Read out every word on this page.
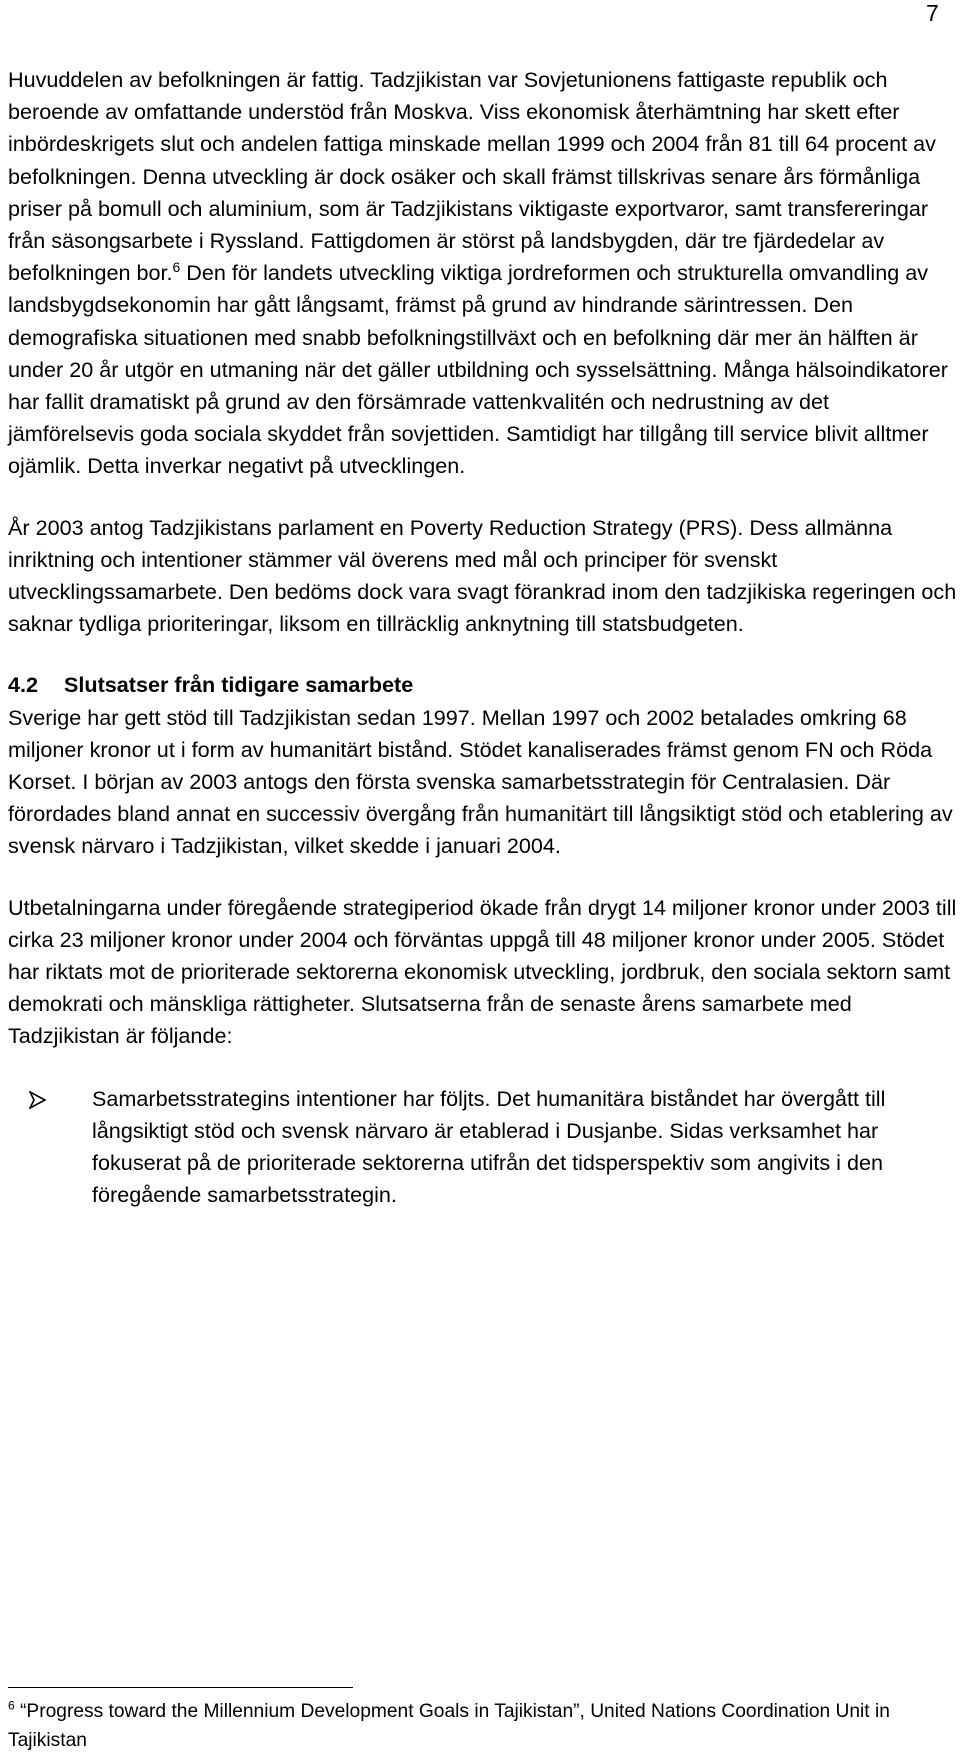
7

Huvuddelen av befolkningen är fattig. Tadzjikistan var Sovjetunionens fattigaste republik och beroende av omfattande understöd från Moskva. Viss ekonomisk återhämtning har skett efter inbördeskrigets slut och andelen fattiga minskade mellan 1999 och 2004 från 81 till 64 procent av befolkningen. Denna utveckling är dock osäker och skall främst tillskrivas senare års förmånliga priser på bomull och aluminium, som är Tadzjikistans viktigaste exportvaror, samt transfereringar från säsongsarbete i Ryssland. Fattigdomen är störst på landsbygden, där tre fjärdedelar av befolkningen bor.$^6$ Den för landets utveckling viktiga jordreformen och strukturella omvandling av landsbygdsekonomin har gått långsamt, främst på grund av hindrande särintressen. Den demografiska situationen med snabb befolkningstillväxt och en befolkning där mer än hälften är under 20 år utgör en utmaning när det gäller utbildning och sysselsättning. Många hälsoindikatorer har fallit dramatiskt på grund av den försämrade vattenkvalitén och nedrustning av det jämförelsevis goda sociala skyddet från sovjettiden. Samtidigt har tillgång till service blivit alltmer ojämlik. Detta inverkar negativt på utvecklingen.

År 2003 antog Tadzjikistans parlament en Poverty Reduction Strategy (PRS). Dess allmänna inriktning och intentioner stämmer väl överens med mål och principer för svenskt utvecklingssamarbete. Den bedöms dock vara svagt förankrad inom den tadzjikiska regeringen och saknar tydliga prioriteringar, liksom en tillräcklig anknytning till statsbudgeten.

4.2 Slutsatser från tidigare samarbete

Sverige har gett stöd till Tadzjikistan sedan 1997. Mellan 1997 och 2002 betalades omkring 68 miljoner kronor ut i form av humanitärt bistånd. Stödet kanaliserades främst genom FN och Röda Korset. I början av 2003 antogs den första svenska samarbetsstrategin för Centralasien. Där förordades bland annat en successiv övergång från humanitärt till långsiktigt stöd och etablering av svensk närvaro i Tadzjikistan, vilket skedde i januari 2004.

Utbetalningarna under föregående strategiperiod ökade från drygt 14 miljoner kronor under 2003 till cirka 23 miljoner kronor under 2004 och förväntas uppgå till 48 miljoner kronor under 2005. Stödet har riktats mot de prioriterade sektorerna ekonomisk utveckling, jordbruk, den sociala sektorn samt demokrati och mänskliga rättigheter. Slutsatserna från de senaste årens samarbete med Tadzjikistan är följande:

Samarbetsstrategins intentioner har följts. Det humanitära biståndet har övergått till långsiktigt stöd och svensk närvaro är etablerad i Dusjanbe. Sidas verksamhet har fokuserat på de prioriterade sektorerna utifrån det tidsperspektiv som angivits i den föregående samarbetsstrategin.
$^6$ “Progress toward the Millennium Development Goals in Tajikistan”, United Nations Coordination Unit in Tajikistan
